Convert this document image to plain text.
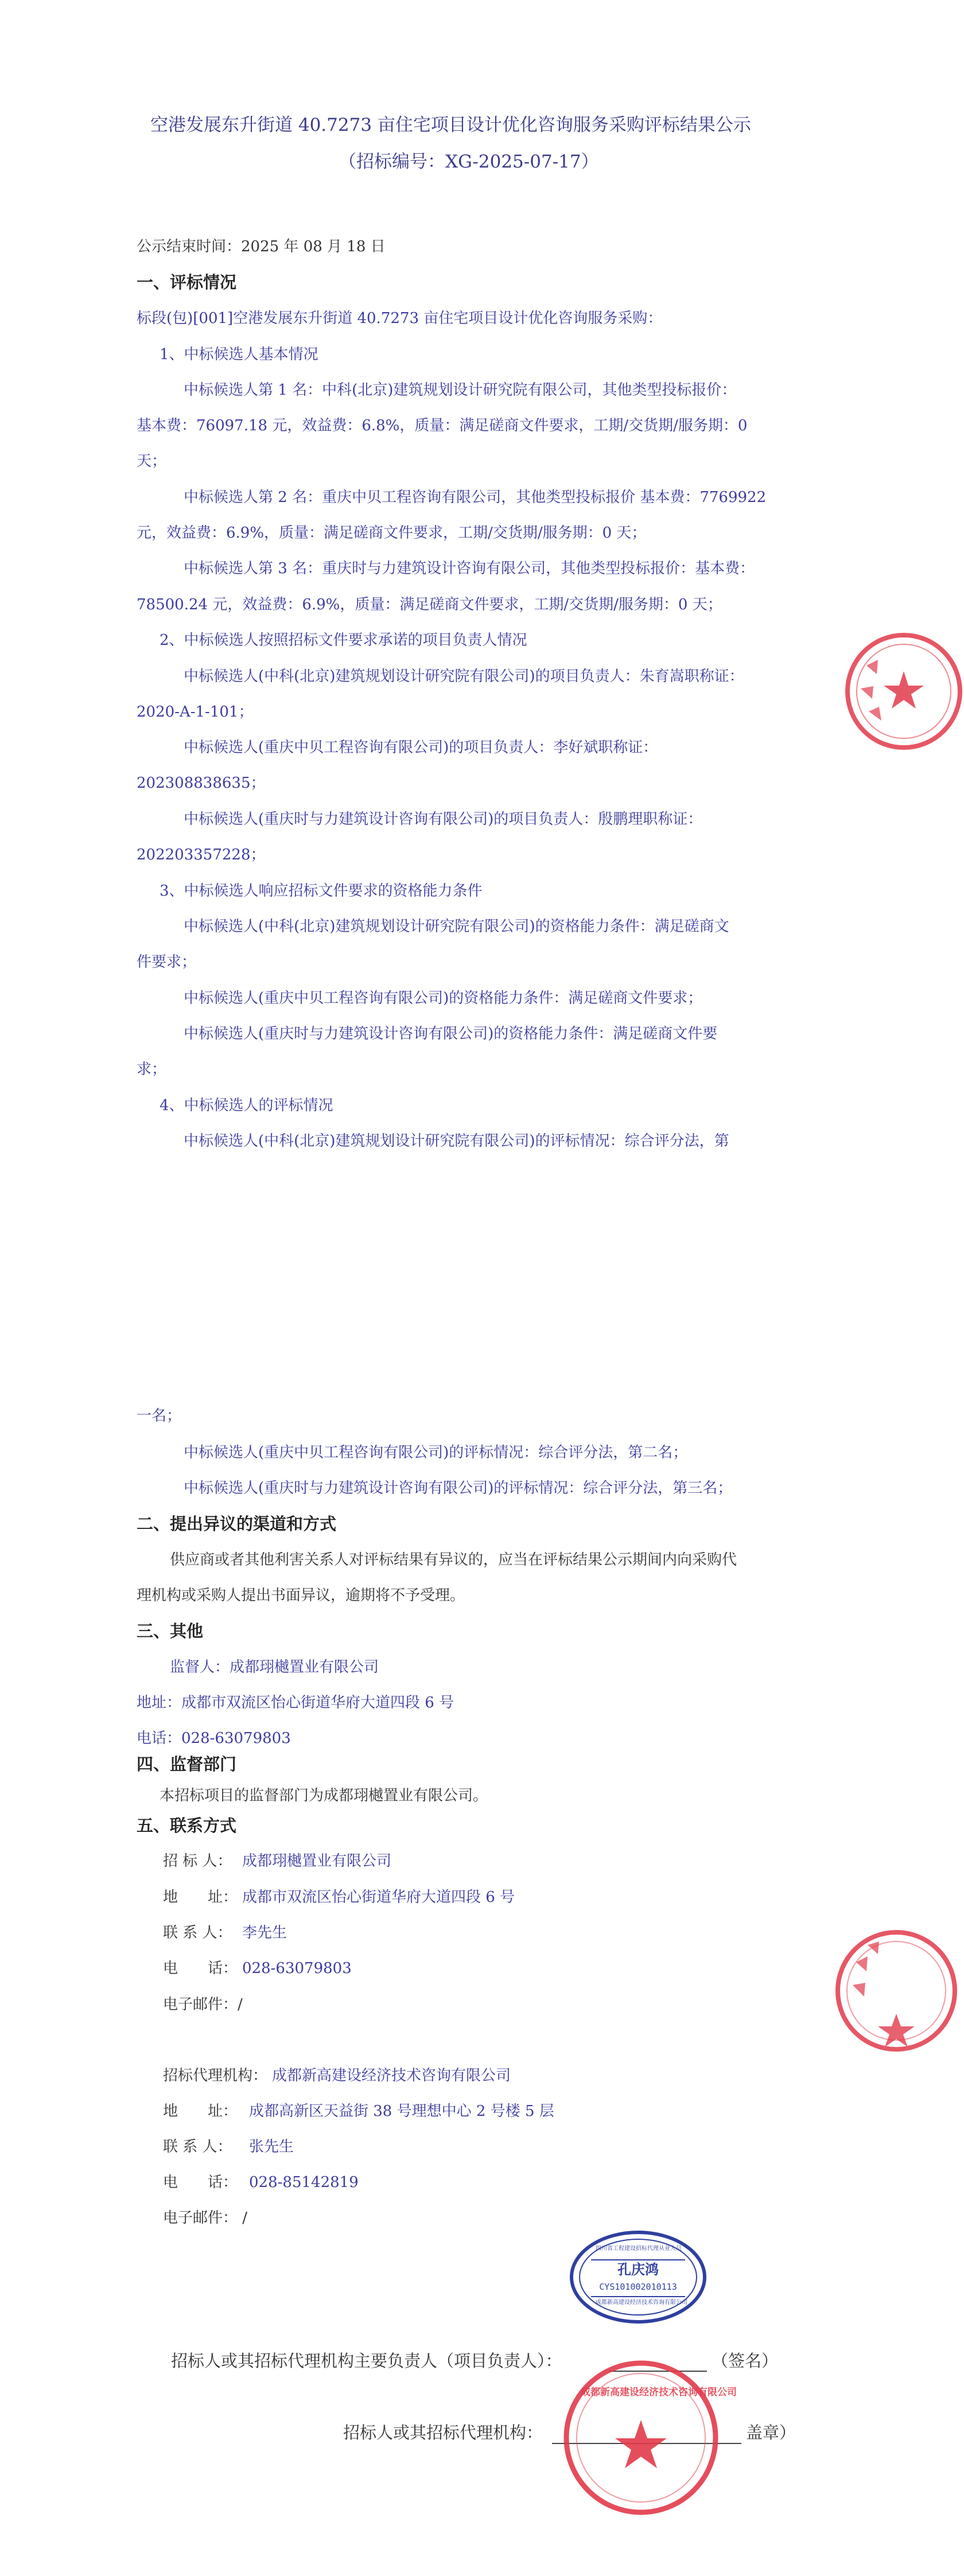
空港发展东升街道 40.7273 亩住宅项目设计优化咨询服务采购评标结果公示
（招标编号：XG-2025-07-17）
公示结束时间：2025 年 08 月 18 日
一、评标情况
标段(包)[001]空港发展东升街道 40.7273 亩住宅项目设计优化咨询服务采购：
1、中标候选人基本情况
中标候选人第 1 名：中科(北京)建筑规划设计研究院有限公司，其他类型投标报价：
基本费：76097.18 元，效益费：6.8%，质量：满足磋商文件要求，工期/交货期/服务期：0
天；
中标候选人第 2 名：重庆中贝工程咨询有限公司，其他类型投标报价 基本费：7769922
元，效益费：6.9%，质量：满足磋商文件要求，工期/交货期/服务期：0 天；
中标候选人第 3 名：重庆时与力建筑设计咨询有限公司，其他类型投标报价：基本费：
78500.24 元，效益费：6.9%，质量：满足磋商文件要求，工期/交货期/服务期：0 天；
2、中标候选人按照招标文件要求承诺的项目负责人情况
中标候选人(中科(北京)建筑规划设计研究院有限公司)的项目负责人：朱育嵩职称证：
2020-A-1-101；
中标候选人(重庆中贝工程咨询有限公司)的项目负责人：李好斌职称证：
202308838635；
中标候选人(重庆时与力建筑设计咨询有限公司)的项目负责人：殷鹏理职称证：
202203357228；
3、中标候选人响应招标文件要求的资格能力条件
中标候选人(中科(北京)建筑规划设计研究院有限公司)的资格能力条件：满足磋商文
件要求；
中标候选人(重庆中贝工程咨询有限公司)的资格能力条件：满足磋商文件要求；
中标候选人(重庆时与力建筑设计咨询有限公司)的资格能力条件：满足磋商文件要
求；
4、中标候选人的评标情况
中标候选人(中科(北京)建筑规划设计研究院有限公司)的评标情况：综合评分法，第
一名；
中标候选人(重庆中贝工程咨询有限公司)的评标情况：综合评分法，第二名；
中标候选人(重庆时与力建筑设计咨询有限公司)的评标情况：综合评分法，第三名；
二、提出异议的渠道和方式
供应商或者其他利害关系人对评标结果有异议的，应当在评标结果公示期间内向采购代
理机构或采购人提出书面异议，逾期将不予受理。
三、其他
监督人：成都珝樾置业有限公司
地址：成都市双流区怡心街道华府大道四段 6 号
电话：028-63079803
四、监督部门
本招标项目的监督部门为成都珝樾置业有限公司。
五、联系方式
招 标 人： 成都珝樾置业有限公司
地　　址： 成都市双流区怡心街道华府大道四段 6 号
联 系 人： 李先生
电　　话： 028-63079803
电子邮件：/
招标代理机构： 成都新高建设经济技术咨询有限公司
地　　址： 成都高新区天益街 38 号理想中心 2 号楼 5 层
联 系 人： 张先生
电　　话： 028-85142819
电子邮件： /
招标人或其招标代理机构主要负责人（项目负责人）：	（签名）
招标人或其招标代理机构：	盖章）
四川省工程建设招标代理从业人员
孔庆鸿
CYS101002010113
成都新高建设经济技术咨询有限公司
成都新高建设经济技术咨询有限公司
